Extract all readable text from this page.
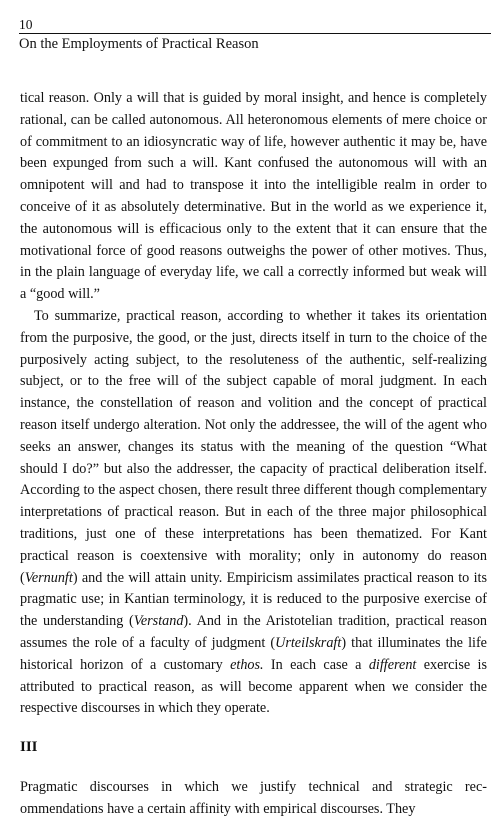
10
On the Employments of Practical Reason

tical reason. Only a will that is guided by moral insight, and hence is completely rational, can be called autonomous. All heteronomous elements of mere choice or of commitment to an idiosyncratic way of life, however authentic it may be, have been expunged from such a will. Kant confused the autonomous will with an omnipotent will and had to transpose it into the intelligible realm in order to conceive of it as absolutely determinative. But in the world as we experience it, the autonomous will is efficacious only to the extent that it can ensure that the motivational force of good reasons outweighs the power of other motives. Thus, in the plain language of everyday life, we call a correctly informed but weak will a “good will.”

To summarize, practical reason, according to whether it takes its orientation from the purposive, the good, or the just, directs itself in turn to the choice of the purposively acting subject, to the resoluteness of the authentic, self-realizing subject, or to the free will of the subject capable of moral judgment. In each instance, the constellation of reason and volition and the concept of practical reason itself undergo alteration. Not only the addressee, the will of the agent who seeks an answer, changes its status with the meaning of the question “What should I do?” but also the addresser, the capacity of practical deliberation itself. According to the aspect chosen, there result three different though complementary interpretations of practical reason. But in each of the three major philosophical traditions, just one of these interpretations has been thematized. For Kant practical reason is coextensive with morality; only in autonomy do reason (Vernunft) and the will attain unity. Empiricism assimilates practical reason to its pragmatic use; in Kantian terminology, it is reduced to the purposive exercise of the understanding (Verstand). And in the Aristotelian tradition, practical reason assumes the role of a faculty of judgment (Urteilskraft) that illuminates the life historical horizon of a customary ethos. In each case a different exercise is attributed to practical reason, as will become apparent when we consider the respective discourses in which they operate.

III

Pragmatic discourses in which we justify technical and strategic recommendations have a certain affinity with empirical discourses. They
